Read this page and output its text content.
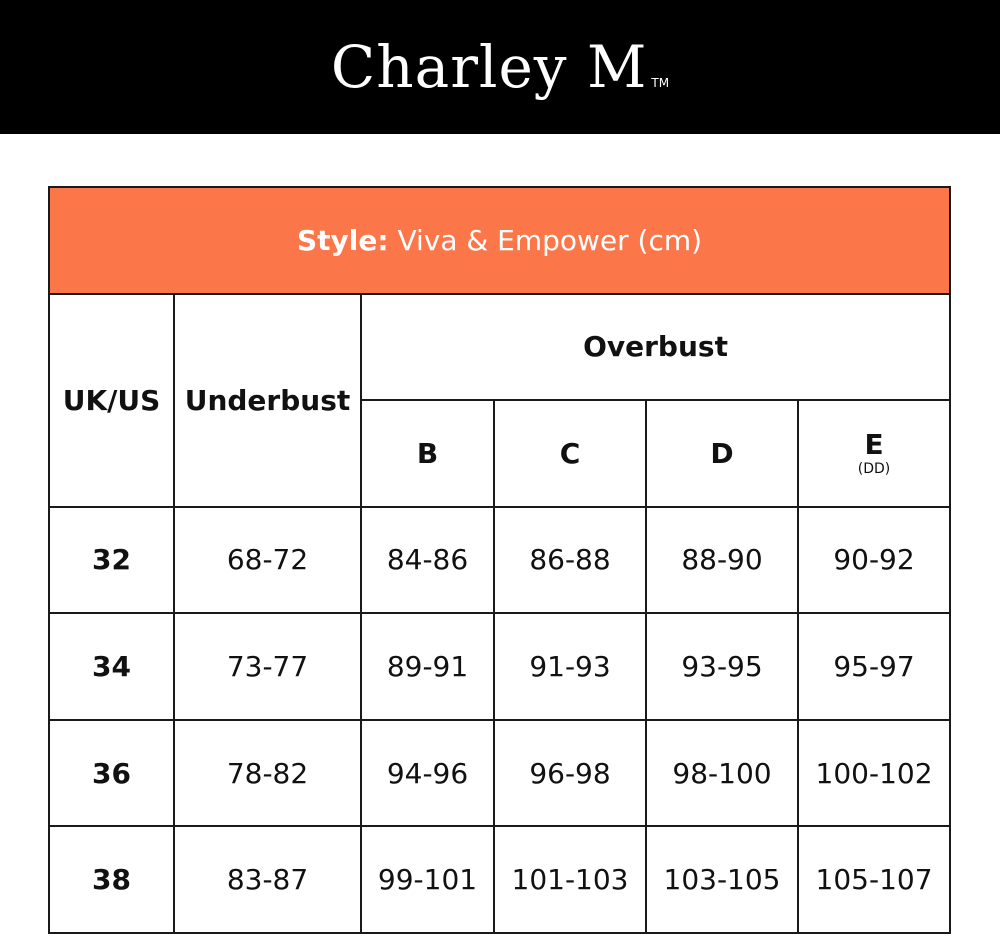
Charley M TM
Style: Viva & Empower (cm)					
UK/US	Underbust	Overbust			
		B	C	D	E
(DD)

32	68-72	84-86	86-88	88-90	90-92
34	73-77	89-91	91-93	93-95	95-97
36	78-82	94-96	96-98	98-100	100-102
38	83-87	99-101	101-103	103-105	105-107
